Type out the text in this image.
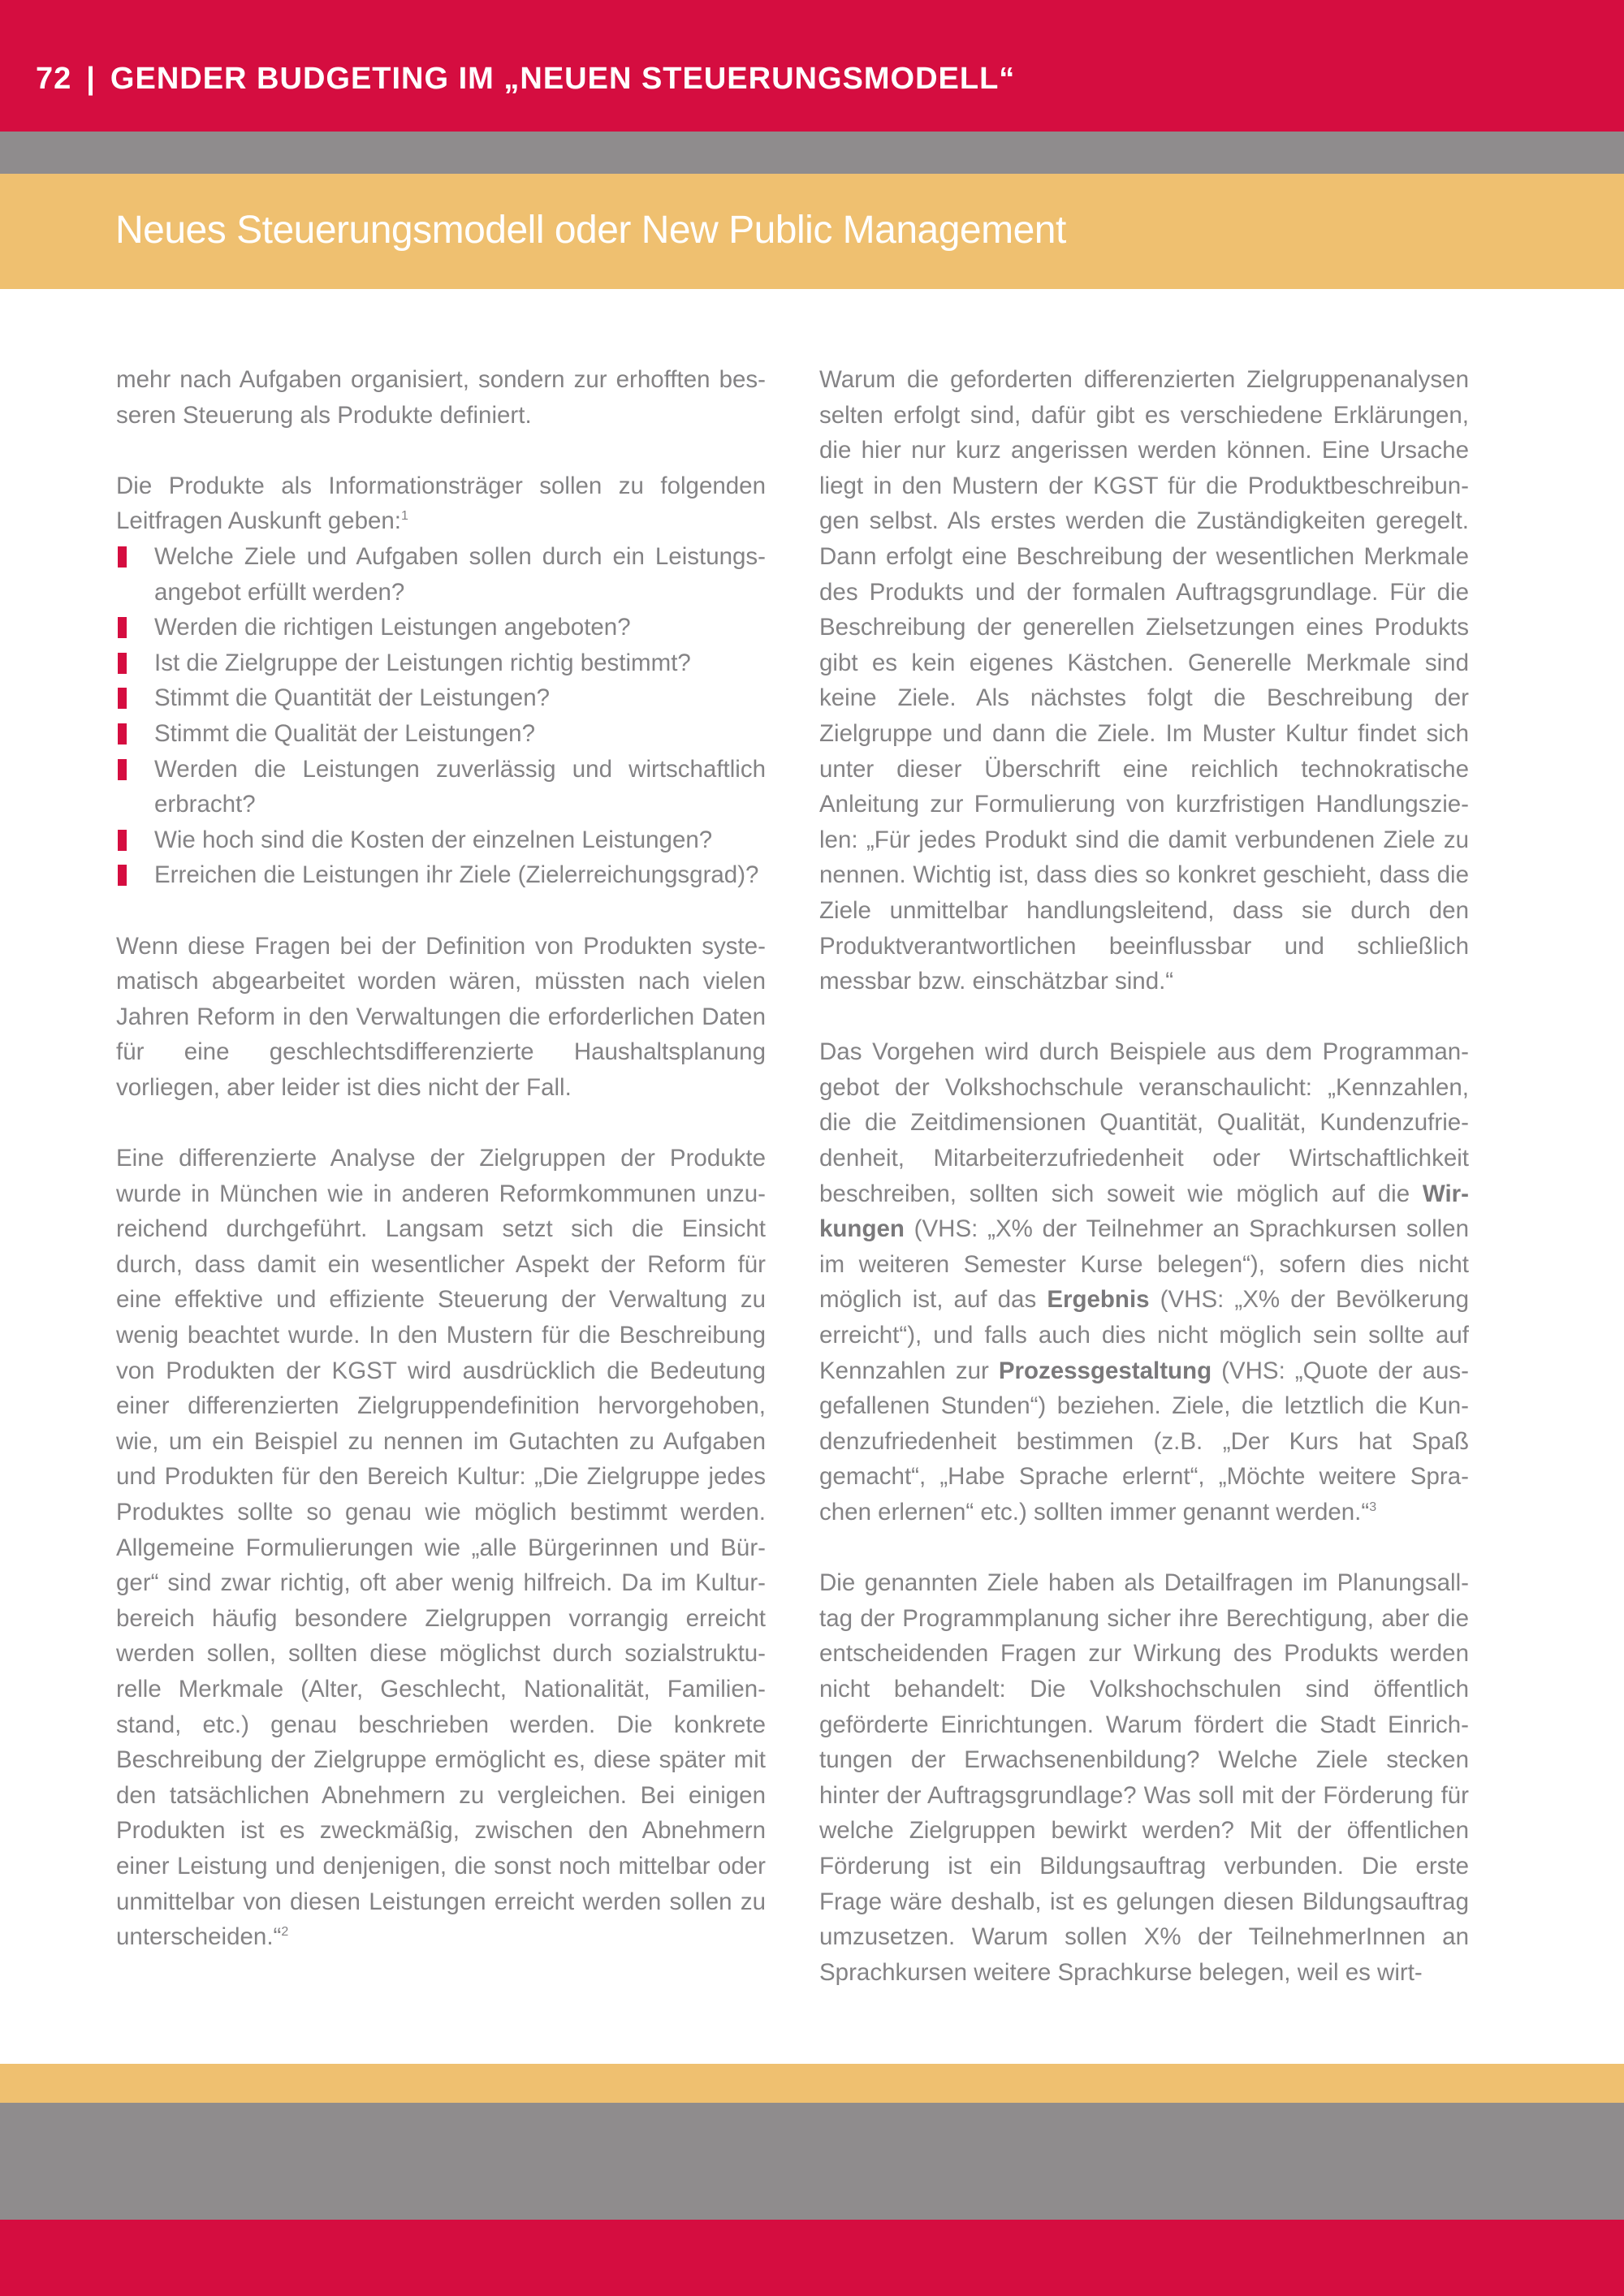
72 | GENDER BUDGETING IM „NEUEN STEUERUNGSMODELL“
Neues Steuerungsmodell oder New Public Management

mehr nach Aufgaben organisiert, sondern zur erhofften besseren Steuerung als Produkte definiert.

Die Produkte als Informationsträger sollen zu folgenden Leitfragen Auskunft geben:$^1$

Welche Ziele und Aufgaben sollen durch ein Leistungsangebot erfüllt werden?
Werden die richtigen Leistungen angeboten?
Ist die Zielgruppe der Leistungen richtig bestimmt?
Stimmt die Quantität der Leistungen?
Stimmt die Qualität der Leistungen?
Werden die Leistungen zuverlässig und wirtschaftlich erbracht?
Wie hoch sind die Kosten der einzelnen Leistungen?
Erreichen die Leistungen ihr Ziele (Zielerreichungsgrad)?

Wenn diese Fragen bei der Definition von Produkten systematisch abgearbeitet worden wären, müssten nach vielen Jahren Reform in den Verwaltungen die erforderlichen Daten für eine geschlechtsdifferenzierte Haushaltsplanung vorliegen, aber leider ist dies nicht der Fall.

Eine differenzierte Analyse der Zielgruppen der Produkte wurde in München wie in anderen Reformkommunen unzureichend durchgeführt. Langsam setzt sich die Einsicht durch, dass damit ein wesentlicher Aspekt der Reform für eine effektive und effiziente Steuerung der Verwaltung zu wenig beachtet wurde. In den Mustern für die Beschreibung von Produkten der KGST wird ausdrücklich die Bedeutung einer differenzierten Zielgruppendefinition hervorgehoben, wie, um ein Beispiel zu nennen im Gutachten zu Aufgaben und Produkten für den Bereich Kultur: „Die Zielgruppe jedes Produktes sollte so genau wie möglich bestimmt werden. Allgemeine Formulierungen wie „alle Bürgerinnen und Bürger“ sind zwar richtig, oft aber wenig hilfreich. Da im Kulturbereich häufig besondere Zielgruppen vorrangig erreicht werden sollen, sollten diese möglichst durch sozialstrukturelle Merkmale (Alter, Geschlecht, Nationalität, Familienstand, etc.) genau beschrieben werden. Die konkrete Beschreibung der Zielgruppe ermöglicht es, diese später mit den tatsächlichen Abnehmern zu vergleichen. Bei einigen Produkten ist es zweckmäßig, zwischen den Abnehmern einer Leistung und denjenigen, die sonst noch mittelbar oder unmittelbar von diesen Leistungen erreicht werden sollen zu unterscheiden.“$^2$

Warum die geforderten differenzierten Zielgruppenanalysen selten erfolgt sind, dafür gibt es verschiedene Erklärungen, die hier nur kurz angerissen werden können. Eine Ursache liegt in den Mustern der KGST für die Produktbeschreibungen selbst. Als erstes werden die Zuständigkeiten geregelt. Dann erfolgt eine Beschreibung der wesentlichen Merkmale des Produkts und der formalen Auftragsgrundlage. Für die Beschreibung der generellen Zielsetzungen eines Produkts gibt es kein eigenes Kästchen. Generelle Merkmale sind keine Ziele. Als nächstes folgt die Beschreibung der Zielgruppe und dann die Ziele. Im Muster Kultur findet sich unter dieser Überschrift eine reichlich technokratische Anleitung zur Formulierung von kurzfristigen Handlungszielen: „Für jedes Produkt sind die damit verbundenen Ziele zu nennen. Wichtig ist, dass dies so konkret geschieht, dass die Ziele unmittelbar handlungsleitend, dass sie durch den Produktverantwortlichen beeinflussbar und schließlich messbar bzw. einschätzbar sind.“

Das Vorgehen wird durch Beispiele aus dem Programmangebot der Volkshochschule veranschaulicht: „Kennzahlen, die die Zeitdimensionen Quantität, Qualität, Kundenzufriedenheit, Mitarbeiterzufriedenheit oder Wirtschaftlichkeit beschreiben, sollten sich soweit wie möglich auf die Wirkungen (VHS: „X% der Teilnehmer an Sprachkursen sollen im weiteren Semester Kurse belegen“), sofern dies nicht möglich ist, auf das Ergebnis (VHS: „X% der Bevölkerung erreicht“), und falls auch dies nicht möglich sein sollte auf Kennzahlen zur Prozessgestaltung (VHS: „Quote der ausgefallenen Stunden“) beziehen. Ziele, die letztlich die Kundenzufriedenheit bestimmen (z.B. „Der Kurs hat Spaß gemacht“, „Habe Sprache erlernt“, „Möchte weitere Sprachen erlernen“ etc.) sollten immer genannt werden.“$^3$

Die genannten Ziele haben als Detailfragen im Planungsalltag der Programmplanung sicher ihre Berechtigung, aber die entscheidenden Fragen zur Wirkung des Produkts werden nicht behandelt: Die Volkshochschulen sind öffentlich geförderte Einrichtungen. Warum fördert die Stadt Einrichtungen der Erwachsenenbildung? Welche Ziele stecken hinter der Auftragsgrundlage? Was soll mit der Förderung für welche Zielgruppen bewirkt werden? Mit der öffentlichen Förderung ist ein Bildungsauftrag verbunden. Die erste Frage wäre deshalb, ist es gelungen diesen Bildungsauftrag umzusetzen. Warum sollen X% der TeilnehmerInnen an Sprachkursen weitere Sprachkurse belegen, weil es wirt-
